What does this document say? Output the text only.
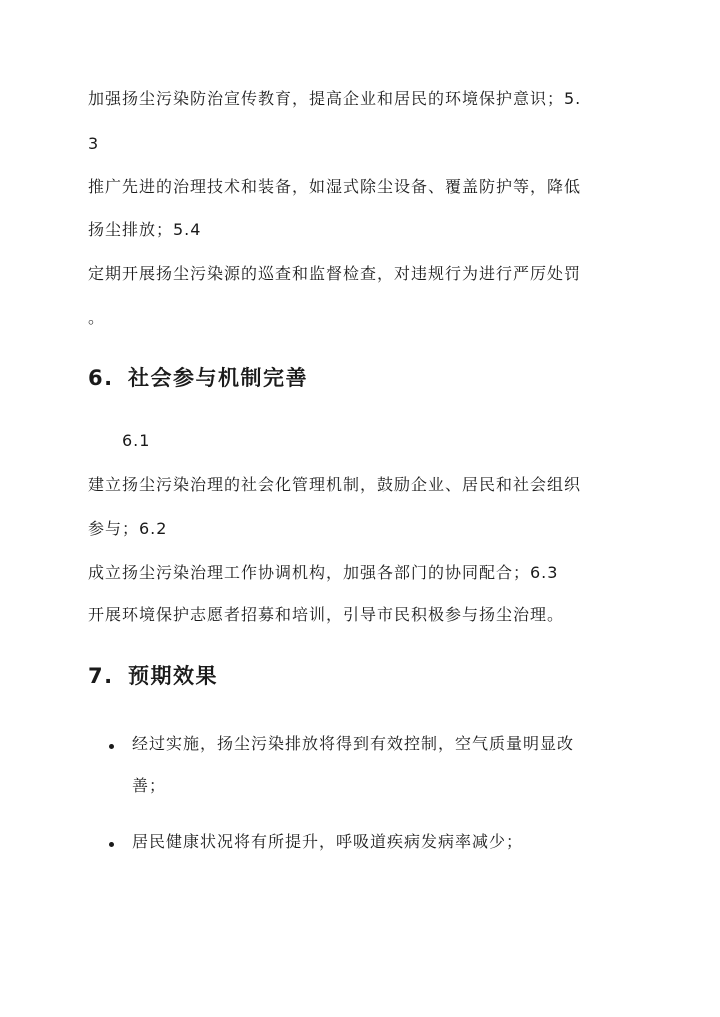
加强扬尘污染防治宣传教育，提高企业和居民的环境保护意识；5.
3
推广先进的治理技术和装备，如湿式除尘设备、覆盖防护等，降低
扬尘排放；5.4
定期开展扬尘污染源的巡查和监督检查，对违规行为进行严厉处罚
。
6. 社会参与机制完善
6.1
建立扬尘污染治理的社会化管理机制，鼓励企业、居民和社会组织
参与；6.2
成立扬尘污染治理工作协调机构，加强各部门的协同配合；6.3
开展环境保护志愿者招募和培训，引导市民积极参与扬尘治理。
7. 预期效果
经过实施，扬尘污染排放将得到有效控制，空气质量明显改
善；
居民健康状况将有所提升，呼吸道疾病发病率减少；
